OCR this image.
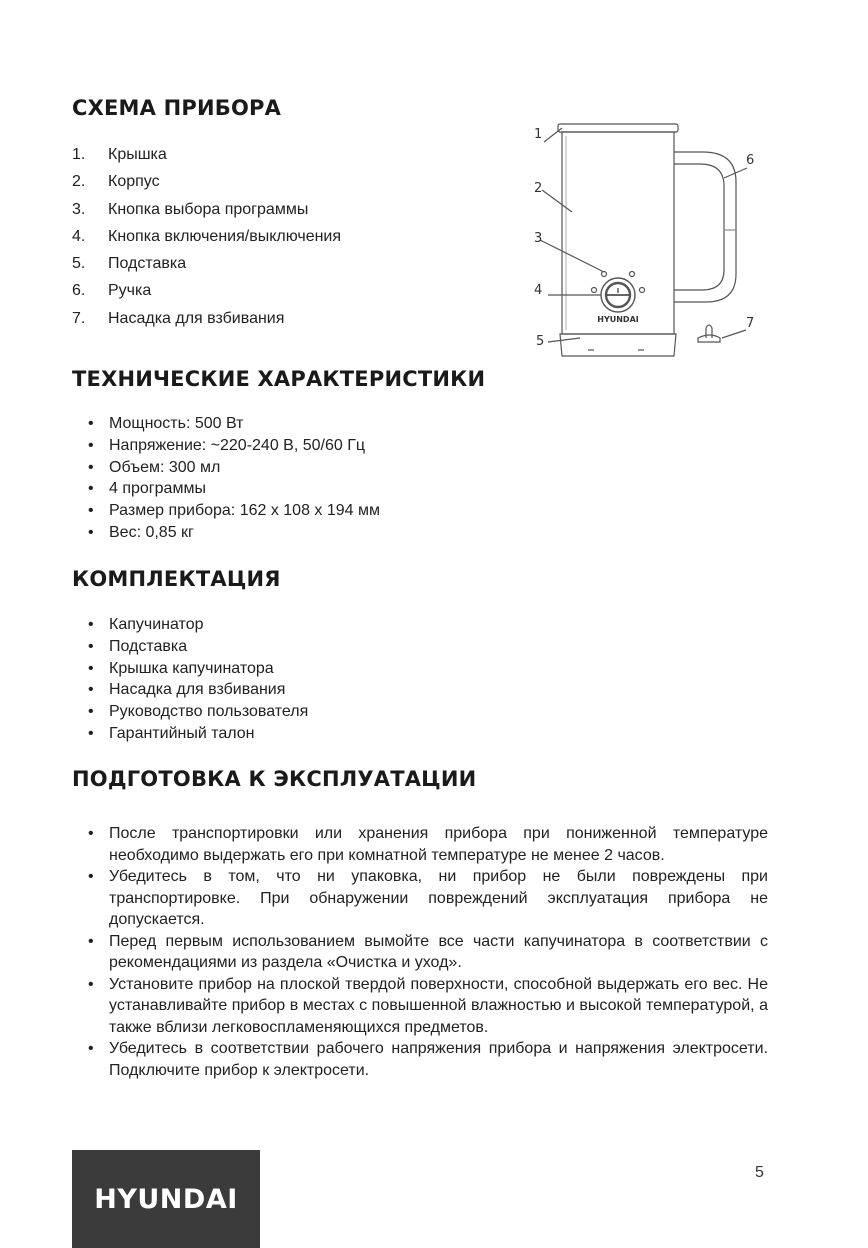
СХЕМА ПРИБОРА
1. Крышка
2. Корпус
3. Кнопка выбора программы
4. Кнопка включения/выключения
5. Подставка
6. Ручка
7. Насадка для взбивания
1
2
3
4
5
6
7
HYUNDAI
ТЕХНИЧЕСКИЕ ХАРАКТЕРИСТИКИ
• Мощность: 500 Вт
• Напряжение: ~220-240 В, 50/60 Гц
• Объем: 300 мл
• 4 программы
• Размер прибора: 162 х 108 х 194 мм
• Вес: 0,85 кг
КОМПЛЕКТАЦИЯ
• Капучинатор
• Подставка
• Крышка капучинатора
• Насадка для взбивания
• Руководство пользователя
• Гарантийный талон
ПОДГОТОВКА К ЭКСПЛУАТАЦИИ
• После транспортировки или хранения прибора при пониженной температуре необходимо выдержать его при комнатной температуре не менее 2 часов.
• Убедитесь в том, что ни упаковка, ни прибор не были повреждены при транспортировке. При обнаружении повреждений эксплуатация прибора не допускается.
• Перед первым использованием вымойте все части капучинатора в соответствии с рекомендациями из раздела «Очистка и уход».
• Установите прибор на плоской твердой поверхности, способной выдержать его вес. Не устанавливайте прибор в местах с повышенной влажностью и высокой температурой, а также вблизи легковоспламеняющихся предметов.
• Убедитесь в соответствии рабочего напряжения прибора и напряжения электросети. Подключите прибор к электросети.
HYUNDAI
5
